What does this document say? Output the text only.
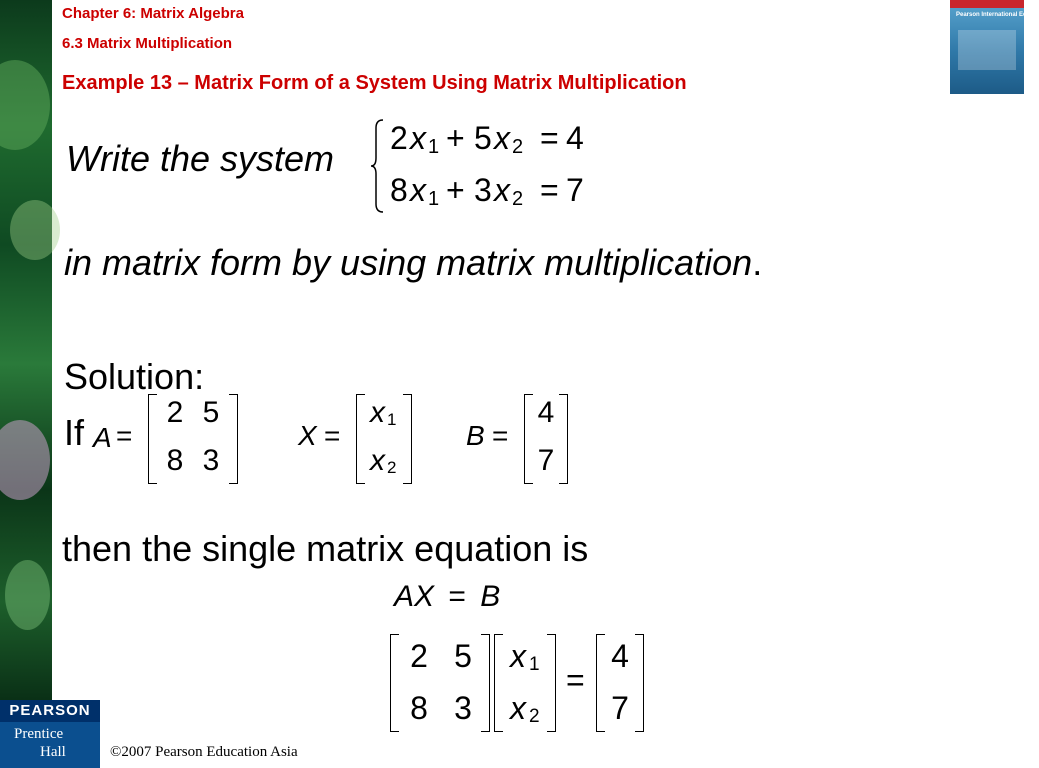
Chapter 6: Matrix Algebra
6.3 Matrix Multiplication
Example 13 – Matrix Form of a System Using Matrix Multiplication
Pearson International Edition
Write the system 2 x 1 + 5 x 2 = 4
8 x 1 + 3 x 2 = 7
in matrix form by using matrix multiplication.
Solution:
If A =
2 5
8 3
X =
x 1
x 2
B =
4
7
then the single matrix equation is
AX = B
2 5
8 3
x 1
x 2
=
4
7
PEARSON
Prentice
Hall	©2007 Pearson Education Asia
